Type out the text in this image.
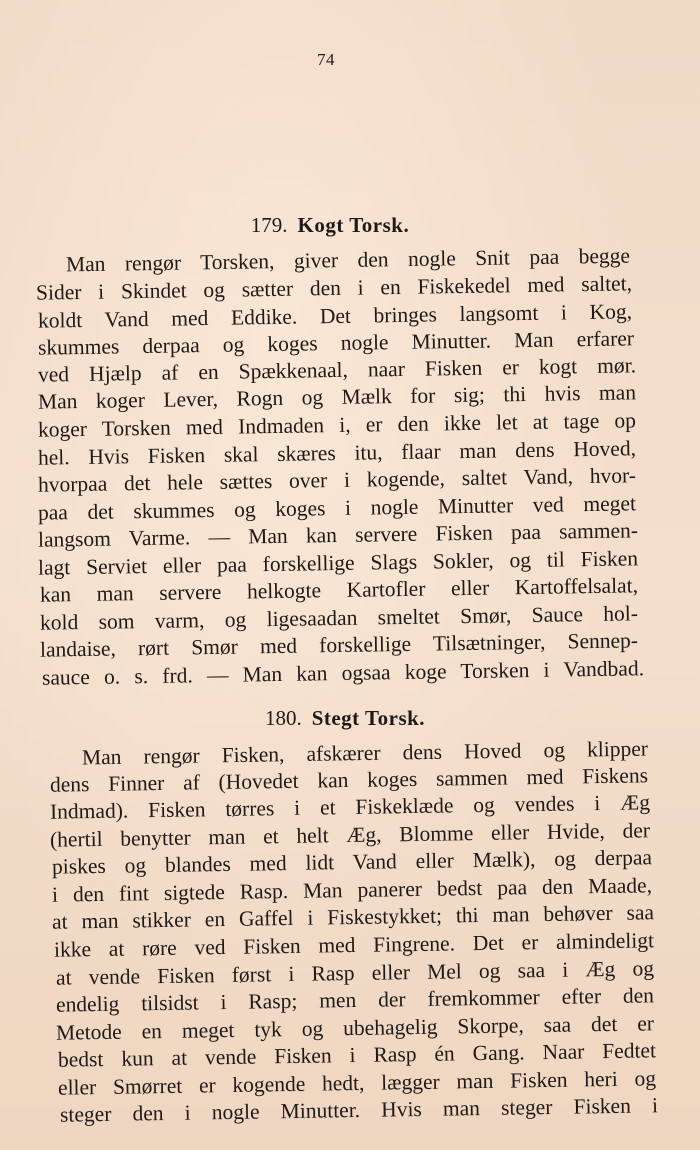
74
179. Kogt Torsk.
Man rengør Torsken, giver den nogle Snit paa begge
Sider i Skindet og sætter den i en Fiskekedel med saltet,
koldt Vand med Eddike. Det bringes langsomt i Kog,
skummes derpaa og koges nogle Minutter. Man erfarer
ved Hjælp af en Spækkenaal, naar Fisken er kogt mør.
Man koger Lever, Rogn og Mælk for sig; thi hvis man
koger Torsken med Indmaden i, er den ikke let at tage op
hel. Hvis Fisken skal skæres itu, flaar man dens Hoved,
hvorpaa det hele sættes over i kogende, saltet Vand, hvor-
paa det skummes og koges i nogle Minutter ved meget
langsom Varme. — Man kan servere Fisken paa sammen-
lagt Serviet eller paa forskellige Slags Sokler, og til Fisken
kan man servere helkogte Kartofler eller Kartoffelsalat,
kold som varm, og ligesaadan smeltet Smør, Sauce hol-
landaise, rørt Smør med forskellige Tilsætninger, Sennep-
sauce o. s. frd. — Man kan ogsaa koge Torsken i Vandbad.
180. Stegt Torsk.
Man rengør Fisken, afskærer dens Hoved og klipper
dens Finner af (Hovedet kan koges sammen med Fiskens
Indmad). Fisken tørres i et Fiskeklæde og vendes i Æg
(hertil benytter man et helt Æg, Blomme eller Hvide, der
piskes og blandes med lidt Vand eller Mælk), og derpaa
i den fint sigtede Rasp. Man panerer bedst paa den Maade,
at man stikker en Gaffel i Fiskestykket; thi man behøver saa
ikke at røre ved Fisken med Fingrene. Det er almindeligt
at vende Fisken først i Rasp eller Mel og saa i Æg og
endelig tilsidst i Rasp; men der fremkommer efter den
Metode en meget tyk og ubehagelig Skorpe, saa det er
bedst kun at vende Fisken i Rasp én Gang. Naar Fedtet
eller Smørret er kogende hedt, lægger man Fisken heri og
steger den i nogle Minutter. Hvis man steger Fisken i
